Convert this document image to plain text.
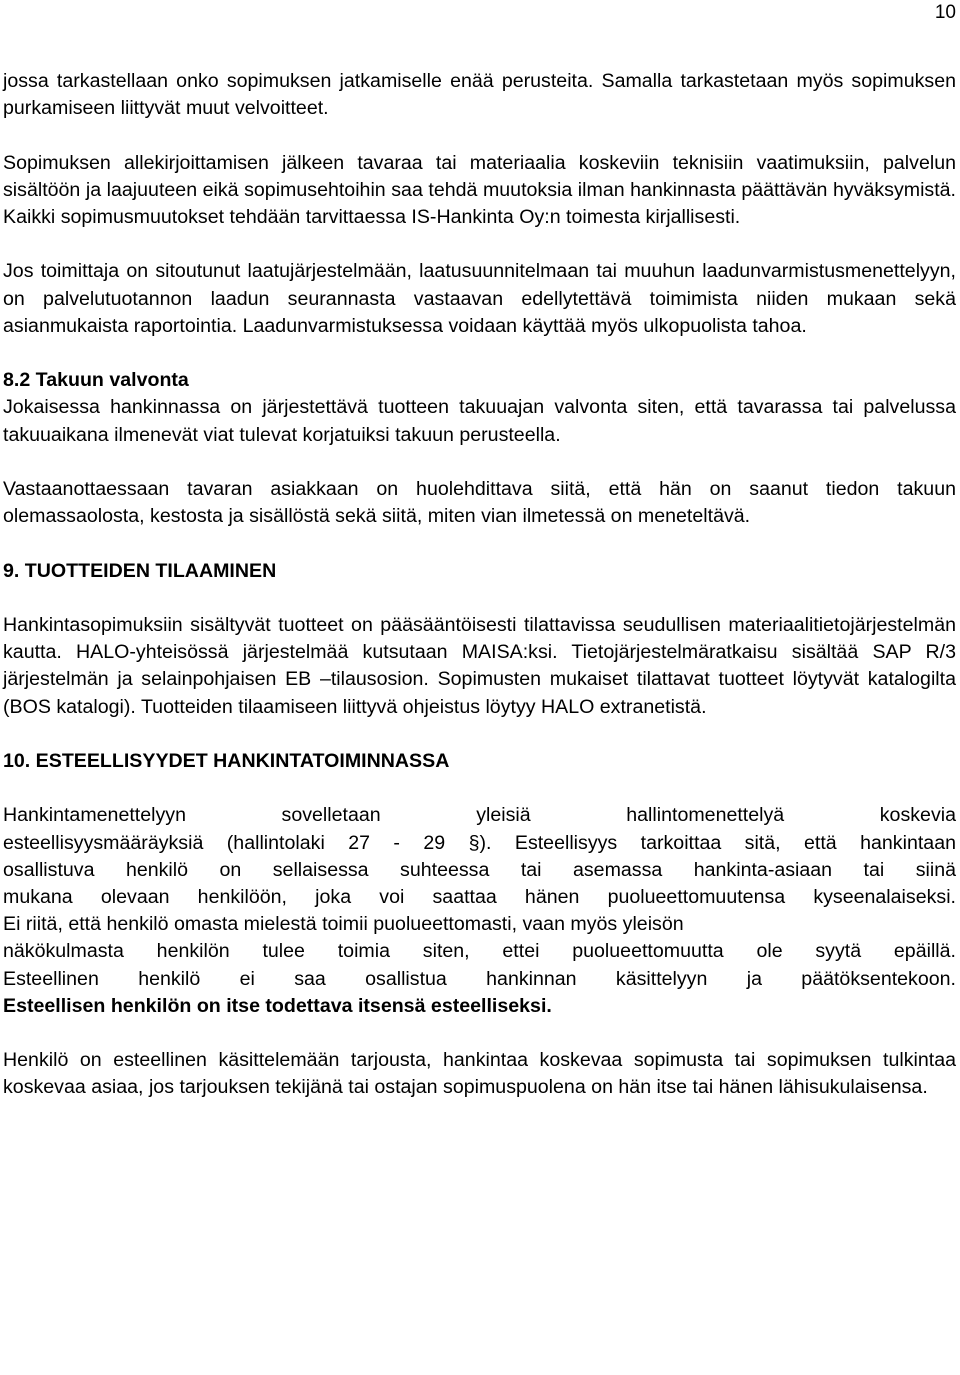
10

jossa tarkastellaan onko sopimuksen jatkamiselle enää perusteita. Samalla tarkastetaan myös sopimuksen purkamiseen liittyvät muut velvoitteet.

Sopimuksen allekirjoittamisen jälkeen tavaraa tai materiaalia koskeviin teknisiin vaatimuksiin, palvelun sisältöön ja laajuuteen eikä sopimusehtoihin saa tehdä muutoksia ilman hankinnasta päättävän hyväksymistä. Kaikki sopimusmuutokset tehdään tarvittaessa IS-Hankinta Oy:n toimesta kirjallisesti.

Jos toimittaja on sitoutunut laatujärjestelmään, laatusuunnitelmaan tai muuhun laadunvarmistusmenettelyyn, on palvelutuotannon laadun seurannasta vastaavan edellytettävä toimimista niiden mukaan sekä asianmukaista raportointia. Laadunvarmistuksessa voidaan käyttää myös ulkopuolista tahoa.

8.2 Takuun valvonta

Jokaisessa hankinnassa on järjestettävä tuotteen takuuajan valvonta siten, että tavarassa tai palvelussa takuuaikana ilmenevät viat tulevat korjatuiksi takuun perusteella.

Vastaanottaessaan tavaran asiakkaan on huolehdittava siitä, että hän on saanut tiedon takuun olemassaolosta, kestosta ja sisällöstä sekä siitä, miten vian ilmetessä on meneteltävä.

9. TUOTTEIDEN TILAAMINEN

Hankintasopimuksiin sisältyvät tuotteet on pääsääntöisesti tilattavissa seudullisen materiaalitietojärjestelmän kautta. HALO-yhteisössä järjestelmää kutsutaan MAISA:ksi. Tietojärjestelmäratkaisu sisältää SAP R/3 järjestelmän ja selainpohjaisen EB –tilausosion. Sopimusten mukaiset tilattavat tuotteet löytyvät katalogilta (BOS katalogi). Tuotteiden tilaamiseen liittyvä ohjeistus löytyy HALO extranetistä.

10. ESTEELLISYYDET HANKINTATOIMINNASSA

Hankintamenettelyyn sovelletaan yleisiä hallintomenettelyä koskevia
esteellisyysmääräyksiä (hallintolaki 27 - 29 §). Esteellisyys tarkoittaa sitä, että hankintaan
osallistuva henkilö on sellaisessa suhteessa tai asemassa hankinta-asiaan tai siinä
mukana olevaan henkilöön, joka voi saattaa hänen puolueettomuutensa kyseenalaiseksi.
Ei riitä, että henkilö omasta mielestä toimii puolueettomasti, vaan myös yleisön
näkökulmasta henkilön tulee toimia siten, ettei puolueettomuutta ole syytä epäillä.
Esteellinen henkilö ei saa osallistua hankinnan käsittelyyn ja päätöksentekoon.
Esteellisen henkilön on itse todettava itsensä esteelliseksi.

Henkilö on esteellinen käsittelemään tarjousta, hankintaa koskevaa sopimusta tai sopimuksen tulkintaa koskevaa asiaa, jos tarjouksen tekijänä tai ostajan sopimuspuolena on hän itse tai hänen lähisukulaisensa.
